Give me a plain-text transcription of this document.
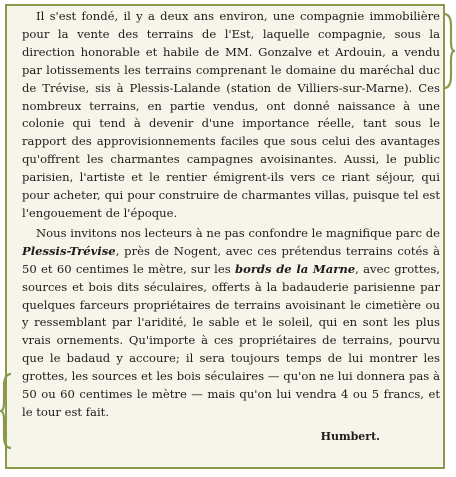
Il s'est fondé, il y a deux ans environ, une compagnie immobilière pour la vente des terrains de l'Est, laquelle compagnie, sous la direction honorable et habile de MM. Gonzalve et Ardouin, a vendu par lotissements les terrains comprenant le domaine du maréchal duc de Trévise, sis à Plessis-Lalande (station de Villiers-sur-Marne). Ces nombreux terrains, en partie vendus, ont donné naissance à une colonie qui tend à devenir d'une importance réelle, tant sous le rapport des approvisionnements faciles que sous celui des avantages qu'offrent les charmantes campagnes avoisinantes. Aussi, le public parisien, l'artiste et le rentier émigrent-ils vers ce riant séjour, qui pour acheter, qui pour construire de charmantes villas, puisque tel est l'engouement de l'époque.

Nous invitons nos lecteurs à ne pas confondre le magnifique parc de Plessis-Trévise, près de Nogent, avec ces prétendus terrains cotés à 50 et 60 centimes le mètre, sur les bords de la Marne, avec grottes, sources et bois dits séculaires, offerts à la badauderie parisienne par quelques farceurs propriétaires de terrains avoisinant le cimetière ou y ressemblant par l'aridité, le sable et le soleil, qui en sont les plus vrais ornements. Qu'importe à ces propriétaires de terrains, pourvu que le badaud y accoure; il sera toujours temps de lui montrer les grottes, les sources et les bois séculaires — qu'on ne lui donnera pas à 50 ou 60 centimes le mètre — mais qu'on lui vendra 4 ou 5 francs, et le tour est fait.

Humbert.
